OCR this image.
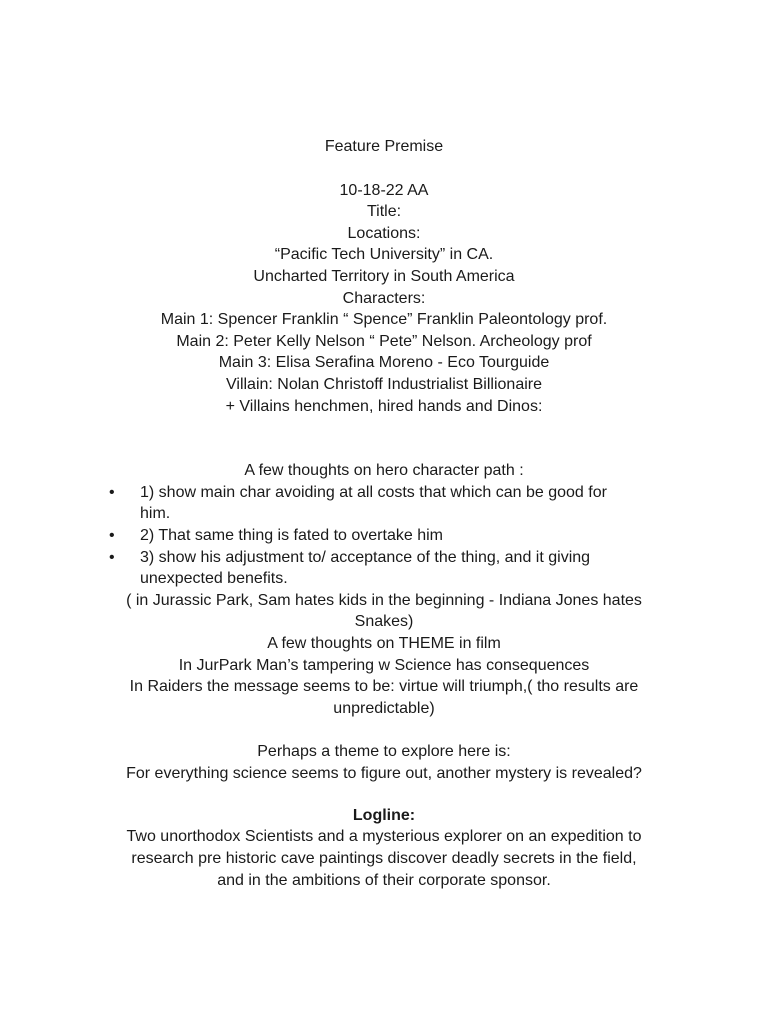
Feature Premise
10-18-22 AA
Title:
Locations:
“Pacific Tech University” in CA.
Uncharted Territory in South America
Characters:
Main 1: Spencer Franklin “ Spence” Franklin Paleontology prof.
Main 2: Peter Kelly Nelson “ Pete” Nelson. Archeology prof
Main 3: Elisa Serafina Moreno - Eco Tourguide
Villain: Nolan Christoff Industrialist Billionaire
+ Villains henchmen, hired hands and Dinos:
A few thoughts on hero character path :
•	1) show main char avoiding at all costs that which can be good for
him.
•	2) That same thing is fated to overtake him
•	3) show his adjustment to/ acceptance of the thing, and it giving
unexpected benefits.
( in Jurassic Park, Sam hates kids in the beginning - Indiana Jones hates
Snakes)
A few thoughts on THEME in film
In JurPark Man’s tampering w Science has consequences
In Raiders the message seems to be: virtue will triumph,( tho results are
unpredictable)
Perhaps a theme to explore here is:
For everything science seems to figure out, another mystery is revealed?
Logline:
Two unorthodox Scientists and a mysterious explorer on an expedition to
research pre historic cave paintings discover deadly secrets in the field,
and in the ambitions of their corporate sponsor.
